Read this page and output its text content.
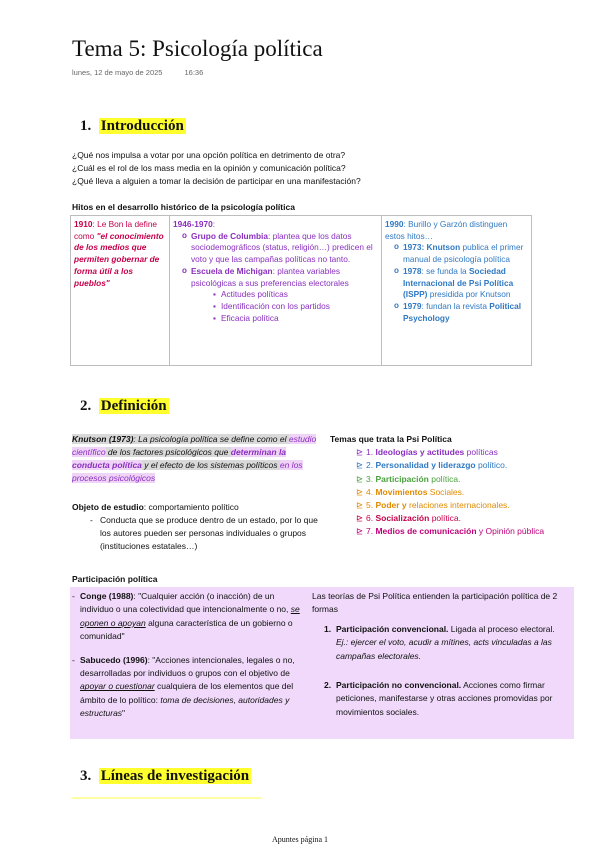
Tema 5: Psicología política
lunes, 12 de mayo de 2025	16:36
1. Introducción
¿Qué nos impulsa a votar por una opción política en detrimento de otra?
¿Cuál es el rol de los mass media en la opinión y comunicación política?
¿Qué lleva a alguien a tomar la decisión de participar en una manifestación?
Hitos en el desarrollo histórico de la psicología política
1910: Le Bon la define como "el conocimiento de los medios que permiten gobernar de forma útil a los pueblos"	1946-1970:
o Grupo de Columbia: plantea que los datos sociodemográficos (status, religión…) predicen el voto y que las campañas políticas no tanto.
o Escuela de Michigan: plantea variables psicológicas a sus preferencias electorales
▪ Actitudes políticas
▪ Identificación con los partidos
▪ Eficacia política
	1990: Burillo y Garzón distinguen estos hitos…
o 1973: Knutson publica el primer manual de psicología política
o 1978: se funda la Sociedad Internacional de Psi Política (ISPP) presidida por Knutson
o 1979: fundan la revista Political Psychology
2. Definición
Knutson (1973): La psicología política se define como el estudio científico de los factores psicológicos que determinan la conducta política y el efecto de los sistemas políticos en los procesos psicológicos
Objeto de estudio: comportamiento político
- Conducta que se produce dentro de un estado, por lo que los autores pueden ser personas individuales o grupos (instituciones estatales…)
Temas que trata la Psi Política
⊵ 1. Ideologías y actitudes políticas
⊵ 2. Personalidad y liderazgo político.
⊵ 3. Participación política.
⊵ 4. Movimientos Sociales.
⊵ 5. Poder y relaciones internacionales.
⊵ 6. Socialización política.
⊵ 7. Medios de comunicación y Opinión pública
Participación política
- Conge (1988): "Cualquier acción (o inacción) de un individuo o una colectividad que intencionalmente o no, se oponen o apoyan alguna característica de un gobierno o comunidad"
- Sabucedo (1996): "Acciones intencionales, legales o no, desarrolladas por individuos o grupos con el objetivo de apoyar o cuestionar cualquiera de los elementos que del ámbito de lo político: toma de decisiones, autoridades y estructuras"
Las teorías de Psi Política entienden la participación política de 2 formas
1. Participación convencional. Ligada al proceso electoral. Ej.: ejercer el voto, acudir a mítines, acts vinculadas a las campañas electorales.
2. Participación no convencional. Acciones como firmar peticiones, manifestarse y otras acciones promovidas por movimientos sociales.
3. Líneas de investigación
Apuntes página 1
